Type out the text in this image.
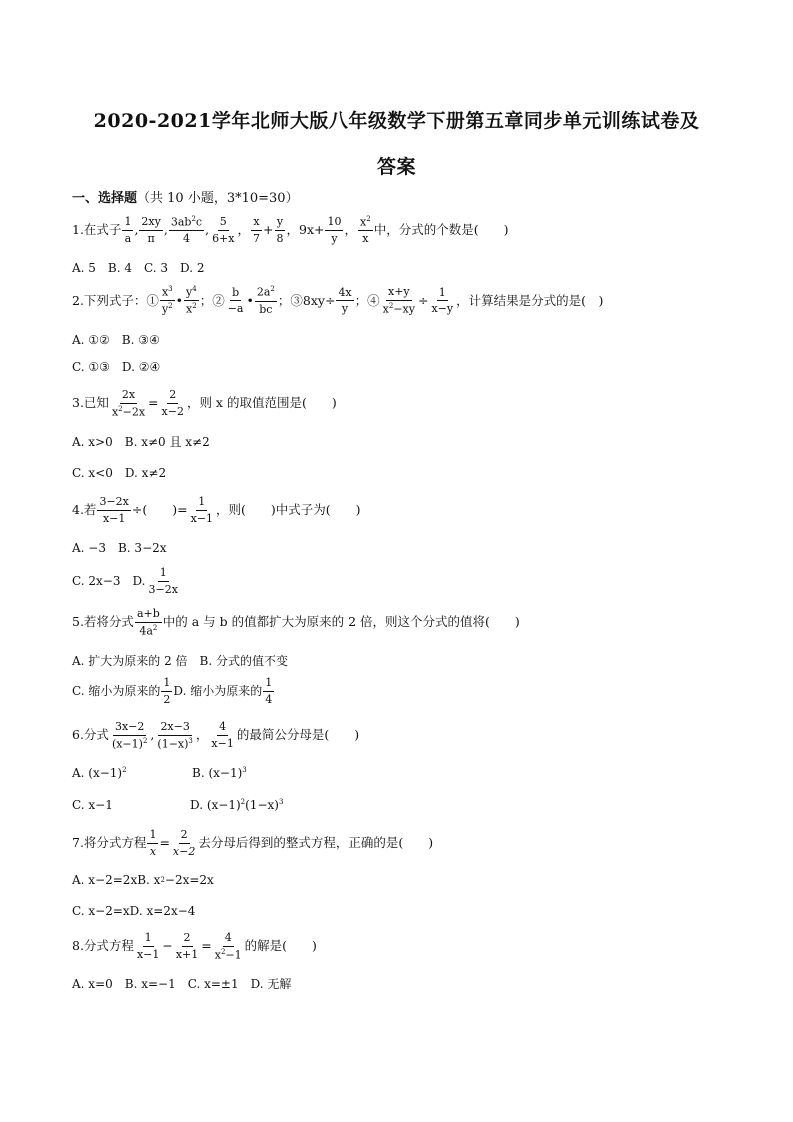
2020-2021学年北师大版八年级数学下册第五章同步单元训练试卷及
答案
一、选择题（共 10 小题，3*10=30）
1.在式子
1
a
,
2xy
π
,
$3ab^2c$
4
,
5
6+x
，
x
7
+ $\frac{y}{8}$ ， $9x+ \frac{10}{y}$ ，
$x^2$
x
中，分式的个数是(　　)
A. 5　B. 4　C. 3　D. 2
2.下列式子：①
$x^3$
$y^2$ •
$y^4$
$x^2$ ；②
b
−a
•
$2a^2$
bc
；③8xy÷ $\frac{4x}{y}$ ；④ $\frac{x+y}{x^2-xy} \div \frac{1}{x-y}$ ，计算结果是分式的是(　)
A. ①②　B. ③④
C. ①③　D. ②④
3.已知 $\frac{2x}{x^2-2x} = \frac{2}{x-2}$ ，则 x 的取值范围是(　　)
A. x>0　B. x≠0 且 x≠2
C. x<0　D. x≠2
4.若 $\frac{3-2x}{x-1}$ ÷(　　)= $\frac{1}{x-1}$ ，则(　　)中式子为(　　)
A. −3　B. 3−2x
C. 2x−3　D.
1
3−2x
5.若将分式
a+b
$4a^2$ 中的 a 与 b 的值都扩大为原来的 2 倍，则这个分式的值将(　　)
A. 扩大为原来的 2 倍　B. 分式的值不变
C. 缩小为原来的
1
2
D. 缩小为原来的
1
4
6.分式
3x−2
$(x-1)^2$ ,
2x−3
$(1-x)^3$ ，
4
x−1
的最简公分母是(　　)
A. $(x-1)^2$	B. $(x-1)^3$
C. x−1	D. $(x-1)^2(1-x)^3$
7.将分式方程 $\frac{1}{x} = \frac{2}{x-2}$ 去分母后得到的整式方程，正确的是(　　)
A. x−2=2xB. x 2 −2x=2x
C. x−2=xD. x=2x−4
8.分式方程
1
x−1
− $\frac{2}{x+1} = \frac{4}{x^2-1}$ 的解是(　　)
A. x=0　B. x=−1　C. x=±1　D. 无解
